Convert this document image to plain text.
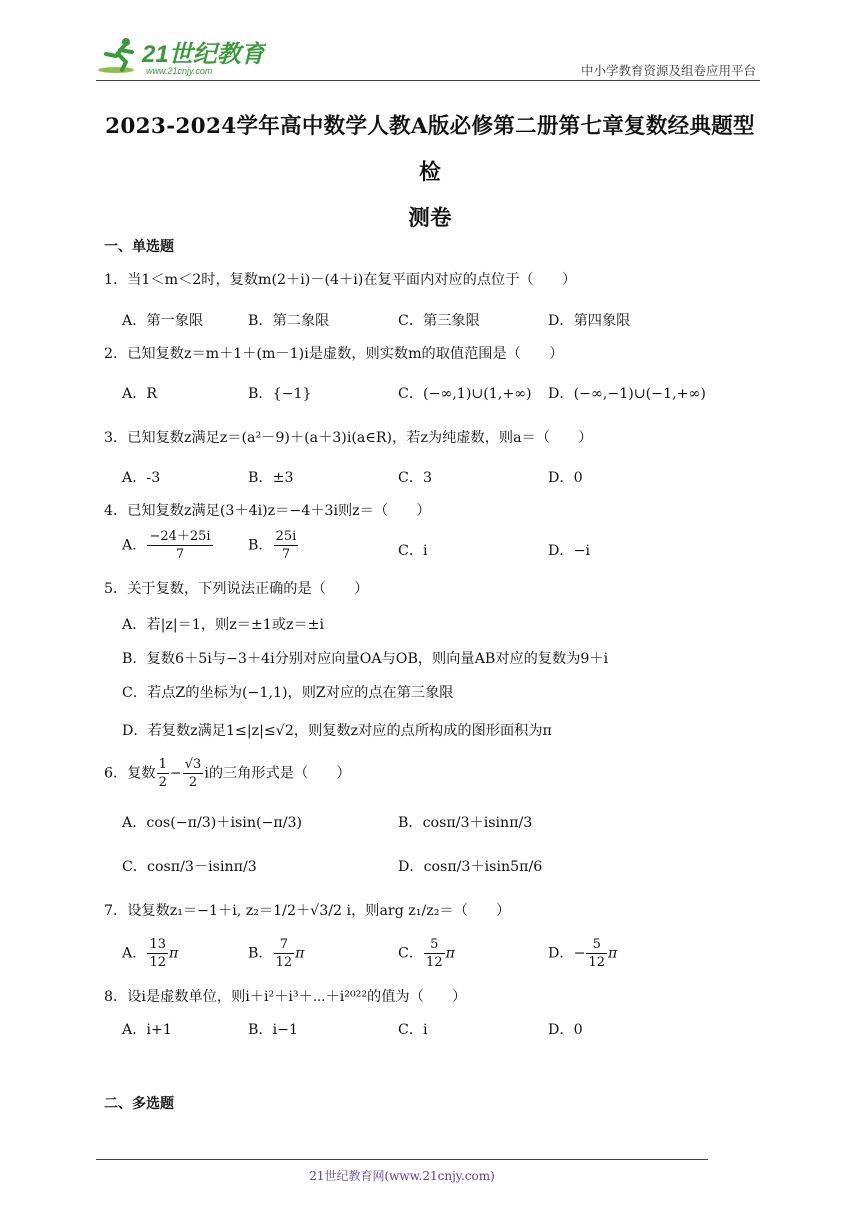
21世纪教育
www.21cnjy.com	中小学教育资源及组卷应用平台
2023-2024学年高中数学人教A版必修第二册第七章复数经典题型检
测卷
一、单选题
1．当1＜m＜2时，复数m(2＋i)－(4＋i)在复平面内对应的点位于（　　）
A．第一象限	B．第二象限	C．第三象限	D．第四象限
2．已知复数z＝m＋1＋(m－1)i是虚数，则实数m的取值范围是（　　）
A．R	B．{−1}	C．(−∞,1)∪(1,+∞) D．(−∞,−1)∪(−1,+∞)
3．已知复数z满足z＝(a²－9)＋(a＋3)i(a∈R)，若z为纯虚数，则a＝（　　）
A．-3	B．±3	C．3	D．0
4．已知复数z满足(3＋4i)z＝−4＋3i则z＝（　　）
A． $\frac{-24+25i}{7}$ B． $\frac{25i}{7}$	C．i	D．−i
5．关于复数，下列说法正确的是（　　）
A．若|z|＝1，则z＝±1或z＝±i
B．复数6＋5i与−3＋4i分别对应向量OA与OB，则向量AB对应的复数为9＋i
C．若点Z的坐标为(−1,1)，则Z对应的点在第三象限
D．若复数z满足1≤|z|≤√2，则复数z对应的点所构成的图形面积为π
6．复数 $\frac{1}{2} - \frac{√3}{2}$ i的三角形式是（　　）
A．cos(−π/3)＋isin(−π/3)	B．cosπ/3＋isinπ/3
C．cosπ/3－isinπ/3	D．cosπ/3＋isin5π/6
7．设复数z₁＝−1＋i, z₂＝1/2＋√3/2 i，则arg z₁/z₂＝（　　）
A． $\frac{13}{12}$ π	B． $\frac{7}{12}$ π	C． $\frac{5}{12}$ π	D．− $\frac{5}{12}$ π
8．设i是虚数单位，则i＋i²＋i³＋⋯＋i²⁰²²的值为（　　）
A．i+1	B．i−1	C．i	D．0
二、多选题
21世纪教育网(www.21cnjy.com)
